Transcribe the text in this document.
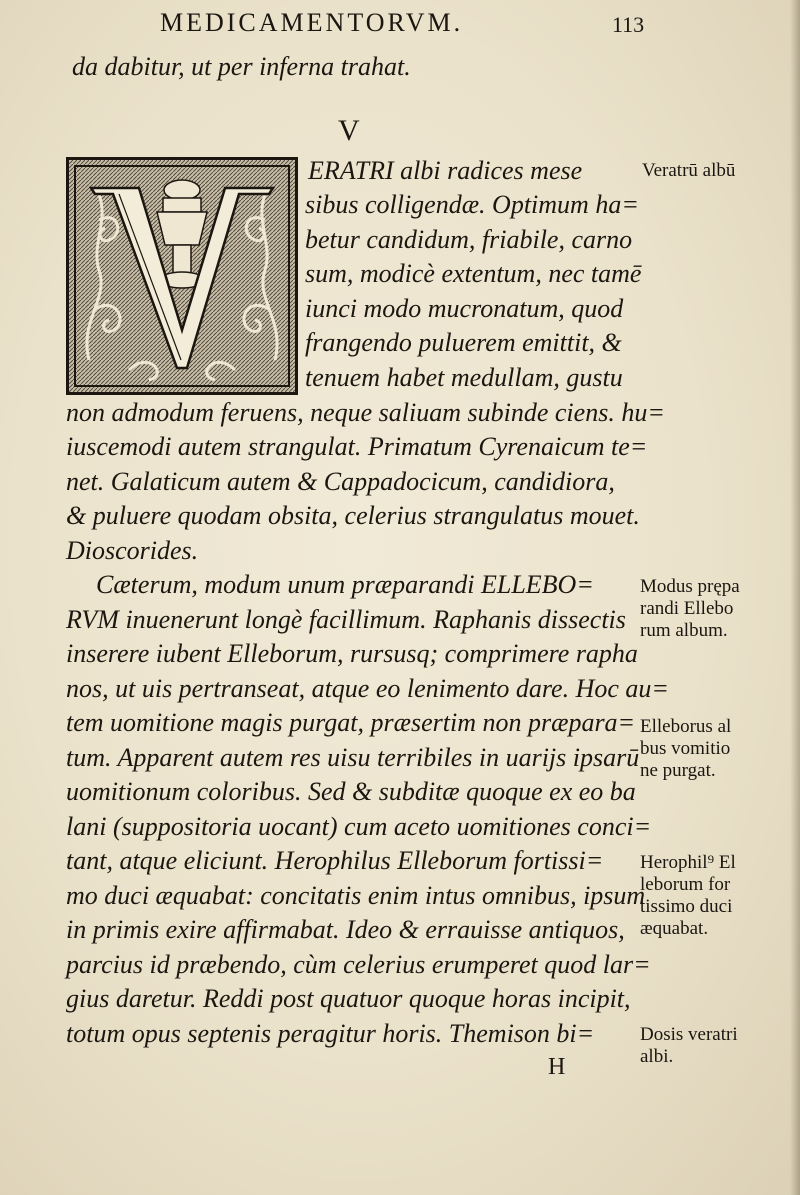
MEDICAMENTORVM.	113
da dabitur, ut per inferna trahat.
V
ERATRI albi radices mese
sibus colligendæ. Optimum ha=
betur candidum, friabile, carno
sum, modicè extentum, nec tamē
iunci modo mucronatum, quod
frangendo puluerem emittit, &
tenuem habet medullam, gustu
non admodum feruens, neque saliuam subinde ciens. hu=
iuscemodi autem strangulat. Primatum Cyrenaicum te=
net. Galaticum autem & Cappadocicum, candidiora,
& puluere quodam obsita, celerius strangulatus mouet.
Dioscorides.
Cæterum, modum unum præparandi ELLEBO=
RVM inuenerunt longè facillimum. Raphanis dissectis
inserere iubent Elleborum, rursusq; comprimere rapha
nos, ut uis pertranseat, atque eo lenimento dare. Hoc au=
tem uomitione magis purgat, præsertim non præpara=
tum. Apparent autem res uisu terribiles in uarijs ipsarū
uomitionum coloribus. Sed & subditæ quoque ex eo ba
lani (suppositoria uocant) cum aceto uomitiones conci=
tant, atque eliciunt. Herophilus Elleborum fortissi=
mo duci æquabat: concitatis enim intus omnibus, ipsum
in primis exire affirmabat. Ideo & errauisse antiquos,
parcius id præbendo, cùm celerius erumperet quod lar=
gius daretur. Reddi post quatuor quoque horas incipit,
totum opus septenis peragitur horis. Themison bi=
Veratrū albū
Modus prępa
randi Ellebo
rum album.
Elleborus al
bus vomitio
ne purgat.
Herophil⁹ El
leborum for
tissimo duci
æquabat.
Dosis veratri
albi.
H
